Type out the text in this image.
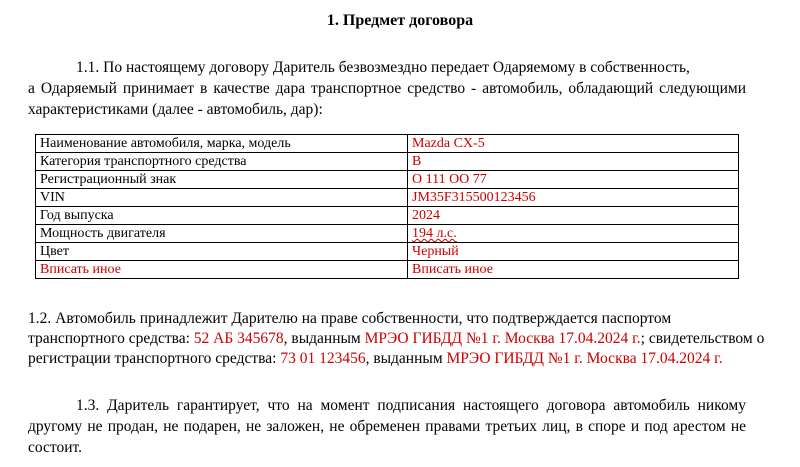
1. Предмет договора
1.1. По настоящему договору Даритель безвозмездно передает Одаряемому в собственность,
а Одаряемый принимает в качестве дара транспортное средство - автомобиль, обладающий следующими характеристиками (далее - автомобиль, дар):
Наименование автомобиля, марка, модель	Mazda CX-5
Категория транспортного средства	B
Регистрационный знак	О 111 ОО 77
VIN	JM35F315500123456
Год выпуска	2024
Мощность двигателя	194 л.с.
Цвет	Черный
Вписать иное	Вписать иное
1.2. Автомобиль принадлежит Дарителю на праве собственности, что подтверждается паспортом транспортного средства: 52 АБ 345678, выданным МРЭО ГИБДД №1 г. Москва 17.04.2024 г.; свидетельством о регистрации транспортного средства: 73 01 123456, выданным МРЭО ГИБДД №1 г. Москва 17.04.2024 г.
1.3. Даритель гарантирует, что на момент подписания настоящего договора автомобиль никому другому не продан, не подарен, не заложен, не обременен правами третьих лиц, в споре и под арестом не состоит.
